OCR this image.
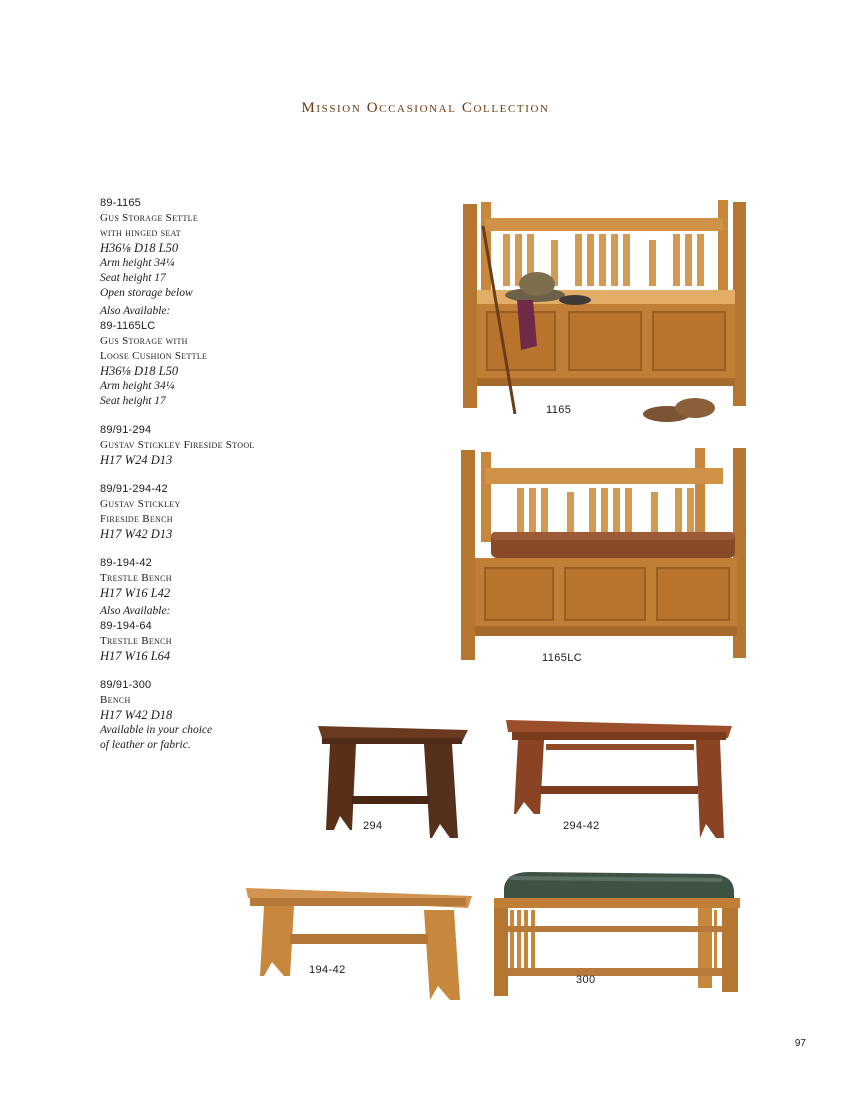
Mission Occasional Collection
89-1165
Gus Storage Settle
with hinged seat
H36⅛ D18 L50
Arm height 34¼
Seat height 17
Open storage below
Also Available:
89-1165LC
Gus Storage with
Loose Cushion Settle
H36⅛ D18 L50
Arm height 34¼
Seat height 17
89/91-294
Gustav Stickley Fireside Stool
H17 W24 D13
89/91-294-42
Gustav Stickley
Fireside Bench
H17 W42 D13
89-194-42
Trestle Bench
H17 W16 L42
Also Available:
89-194-64
Trestle Bench
H17 W16 L64
89/91-300
Bench
H17 W42 D18
Available in your choice
of leather or fabric.
1165
1165LC
294	294-42
194-42
300
97
